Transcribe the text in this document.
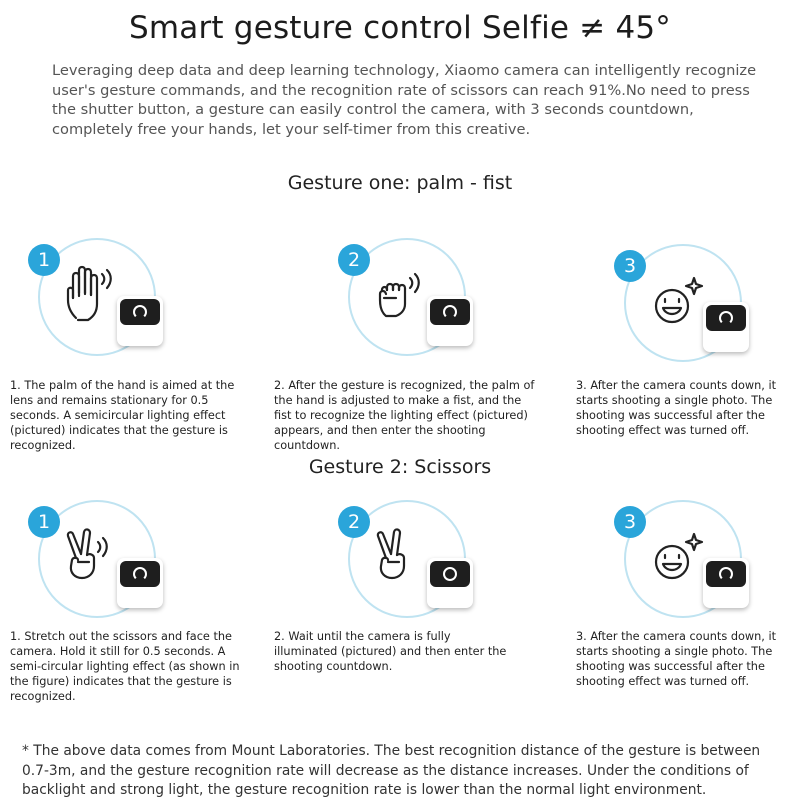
Smart gesture control Selfie ≠ 45°
Leveraging deep data and deep learning technology, Xiaomo camera can intelligently recognize user's gesture commands, and the recognition rate of scissors can reach 91%.No need to press the shutter button, a gesture can easily control the camera, with 3 seconds countdown, completely free your hands, let your self-timer from this creative.
Gesture one: palm - fist
1
1. The palm of the hand is aimed at the lens and remains stationary for 0.5 seconds. A semicircular lighting effect (pictured) indicates that the gesture is recognized.
2
2. After the gesture is recognized, the palm of the hand is adjusted to make a fist, and the fist to recognize the lighting effect (pictured) appears, and then enter the shooting countdown.
3
3. After the camera counts down, it starts shooting a single photo. The shooting was successful after the shooting effect was turned off.
Gesture 2: Scissors
1
1. Stretch out the scissors and face the camera. Hold it still for 0.5 seconds. A semi-circular lighting effect (as shown in the figure) indicates that the gesture is recognized.
2
2. Wait until the camera is fully illuminated (pictured) and then enter the shooting countdown.
3
3. After the camera counts down, it starts shooting a single photo. The shooting was successful after the shooting effect was turned off.
* The above data comes from Mount Laboratories. The best recognition distance of the gesture is between 0.7-3m, and the gesture recognition rate will decrease as the distance increases. Under the conditions of backlight and strong light, the gesture recognition rate is lower than the normal light environment.
